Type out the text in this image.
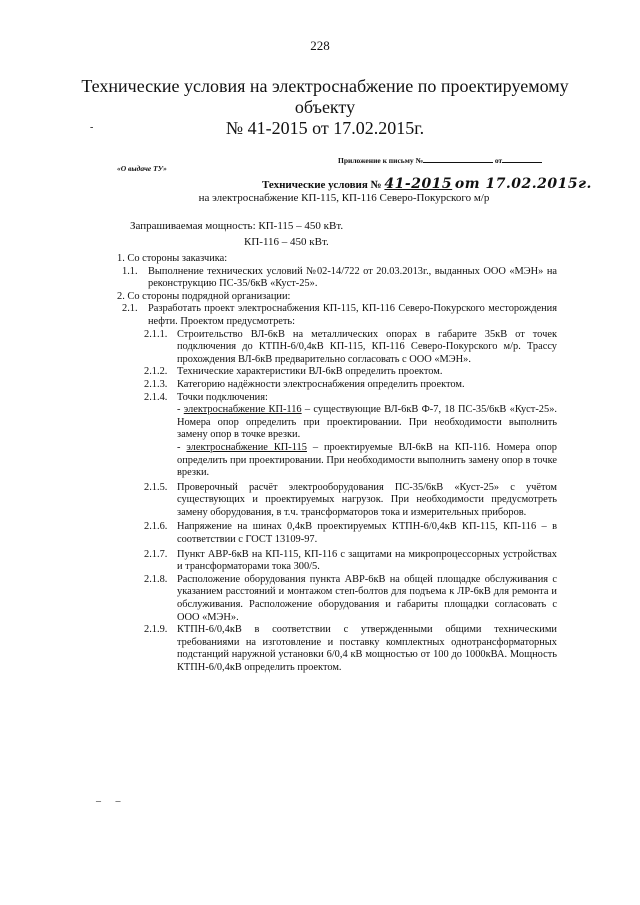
228
Технические условия на электроснабжение по проектируемому объекту
№ 41-2015 от 17.02.2015г.
-
«О выдаче ТУ»
Приложение к письму №	от
Технические условия № 41-2015 от 17.02.2015г.
на электроснабжение КП-115, КП-116 Северо-Покурского м/р
Запрашиваемая мощность: КП-115 – 450 кВт.
КП-116 – 450 кВт.
1. Со стороны заказчика:
1.1.	Выполнение технических условий №02-14/722 от 20.03.2013г., выданных ООО «МЭН» на реконструкцию ПС-35/6кВ «Куст-25».
2. Со стороны подрядной организации:
2.1.	Разработать проект электроснабжения КП-115, КП-116 Северо-Покурского месторождения нефти. Проектом предусмотреть:
2.1.1. Строительство ВЛ-6кВ на металлических опорах в габарите 35кВ от точек подключения до КТПН-6/0,4кВ КП-115, КП-116 Северо-Покурского м/р. Трассу прохождения ВЛ-6кВ предварительно согласовать с ООО «МЭН».
2.1.2. Технические характеристики ВЛ-6кВ определить проектом.
2.1.3. Категорию надёжности электроснабжения определить проектом.
2.1.4. Точки подключения:
- электроснабжение КП-116 – существующие ВЛ-6кВ Ф-7, 18 ПС-35/6кВ «Куст-25». Номера опор определить при проектировании. При необходимости выполнить замену опор в точке врезки.
- электроснабжение КП-115 – проектируемые ВЛ-6кВ на КП-116. Номера опор определить при проектировании. При необходимости выполнить замену опор в точке врезки.
2.1.5. Проверочный расчёт электрооборудования ПС-35/6кВ «Куст-25» с учётом существующих и проектируемых нагрузок. При необходимости предусмотреть замену оборудования, в т.ч. трансформаторов тока и измерительных приборов.
2.1.6. Напряжение на шинах 0,4кВ проектируемых КТПН-6/0,4кВ КП-115, КП-116 – в соответствии с ГОСТ 13109-97.
2.1.7. Пункт АВР-6кВ на КП-115, КП-116 с защитами на микропроцессорных устройствах и трансформаторами тока 300/5.
2.1.8. Расположение оборудования пункта АВР-6кВ на общей площадке обслуживания с указанием расстояний и монтажом степ-болтов для подъема к ЛР-6кВ для ремонта и обслуживания. Расположение оборудования и габариты площадки согласовать с ООО «МЭН».
2.1.9. КТПН-6/0,4кВ в соответствии с утвержденными общими техническими требованиями на изготовление и поставку комплектных однотрансформаторных подстанций наружной установки 6/0,4 кВ мощностью от 100 до 1000кВА. Мощность КТПН-6/0,4кВ определить проектом.
– –
